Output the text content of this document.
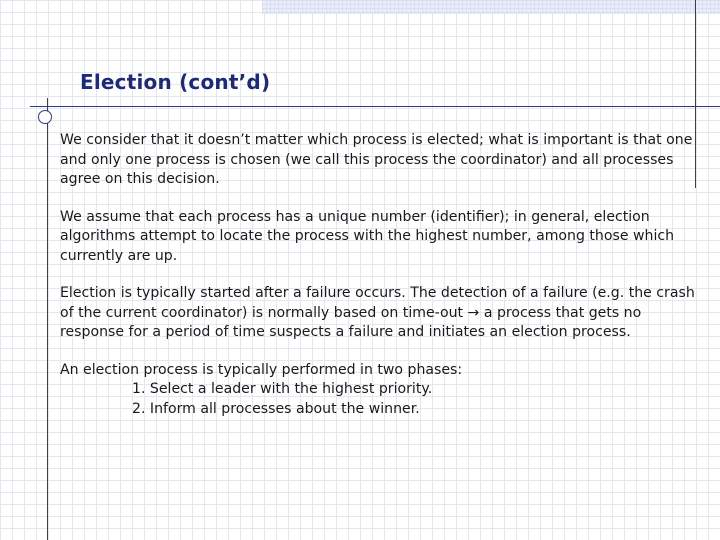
Election (cont’d)

We consider that it doesn’t matter which process is elected; what is important is that one and only one process is chosen (we call this process the coordinator) and all processes agree on this decision.

We assume that each process has a unique number (identifier); in general, election algorithms attempt to locate the process with the highest number, among those which currently are up.

Election is typically started after a failure occurs. The detection of a failure (e.g. the crash of the current coordinator) is normally based on time-out → a process that gets no response for a period of time suspects a failure and initiates an election process.

An election process is typically performed in two phases:
1. Select a leader with the highest priority.
2. Inform all processes about the winner.
